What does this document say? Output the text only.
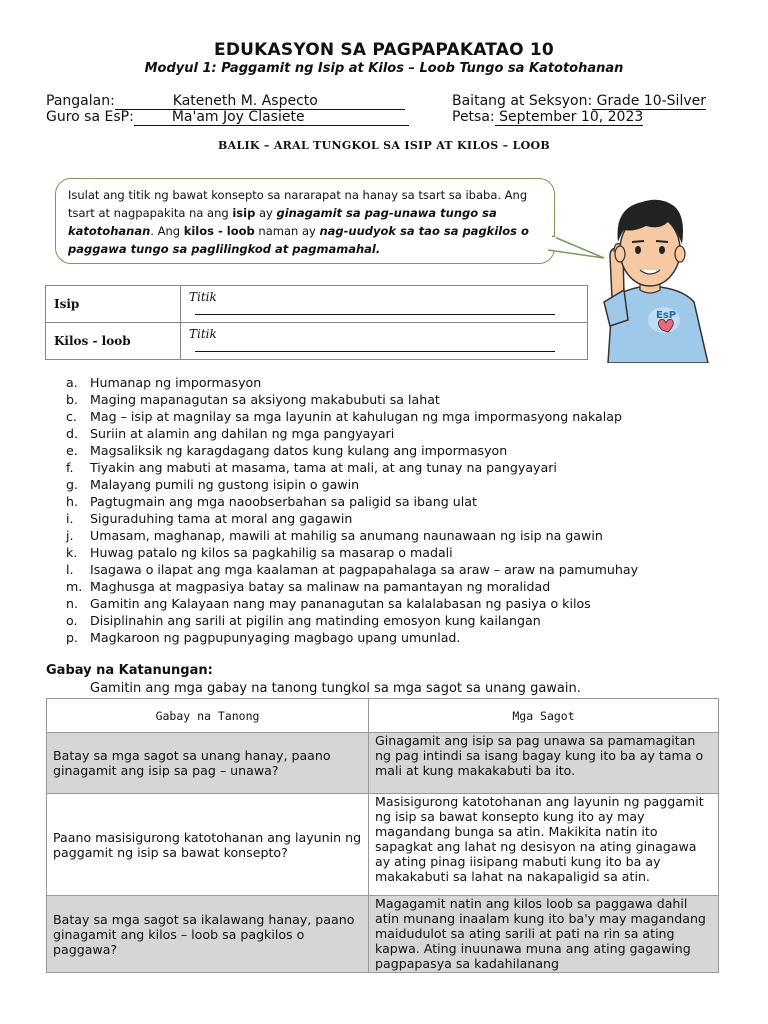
EDUKASYON SA PAGPAPAKATAO 10
Modyul 1: Paggamit ng Isip at Kilos – Loob Tungo sa Katotohanan
Pangalan:	Kateneth M. Aspecto
Guro sa EsP:	Ma'am Joy Clasiete
Baitang at Seksyon: Grade 10-Silver
Petsa: September 10, 2023
BALIK – ARAL TUNGKOL SA ISIP AT KILOS – LOOB
Isulat ang titik ng bawat konsepto sa nararapat na hanay sa tsart sa ibaba. Ang tsart at nagpapakita na ang isip ay ginagamit sa pag-unawa tungo sa katotohanan. Ang kilos - loob naman ay nag-uudyok sa tao sa pagkilos o paggawa tungo sa paglilingkod at pagmamahal.
EsP
Isip	Titik
Kilos - loob	Titik
a. Humanap ng impormasyon
b. Maging mapanagutan sa aksiyong makabubuti sa lahat
c. Mag – isip at magnilay sa mga layunin at kahulugan ng mga impormasyong nakalap
d. Suriin at alamin ang dahilan ng mga pangyayari
e. Magsaliksik ng karagdagang datos kung kulang ang impormasyon
f. Tiyakin ang mabuti at masama, tama at mali, at ang tunay na pangyayari
g. Malayang pumili ng gustong isipin o gawin
h. Pagtugmain ang mga naoobserbahan sa paligid sa ibang ulat
i. Siguraduhing tama at moral ang gagawin
j. Umasam, maghanap, mawili at mahilig sa anumang naunawaan ng isip na gawin
k. Huwag patalo ng kilos sa pagkahilig sa masarap o madali
l. Isagawa o ilapat ang mga kaalaman at pagpapahalaga sa araw – araw na pamumuhay
m. Maghusga at magpasiya batay sa malinaw na pamantayan ng moralidad
n. Gamitin ang Kalayaan nang may pananagutan sa kalalabasan ng pasiya o kilos
o. Disiplinahin ang sarili at pigilin ang matinding emosyon kung kailangan
p. Magkaroon ng pagpupunyaging magbago upang umunlad.
Gabay na Katanungan:
Gamitin ang mga gabay na tanong tungkol sa mga sagot sa unang gawain.
Gabay na Tanong	Mga Sagot
Batay sa mga sagot sa unang hanay, paano ginagamit ang isip sa pag – unawa?	Ginagamit ang isip sa pag unawa sa pamamagitan ng pag intindi sa isang bagay kung ito ba ay tama o mali at kung makakabuti ba ito.
Paano masisigurong katotohanan ang layunin ng paggamit ng isip sa bawat konsepto?	Masisigurong katotohanan ang layunin ng paggamit ng isip sa bawat konsepto kung ito ay may magandang bunga sa atin. Makikita natin ito sapagkat ang lahat ng desisyon na ating ginagawa ay ating pinag iisipang mabuti kung ito ba ay makakabuti sa lahat na nakapaligid sa atin.
Batay sa mga sagot sa ikalawang hanay, paano ginagamit ang kilos – loob sa pagkilos o paggawa?	Magagamit natin ang kilos loob sa paggawa dahil atin munang inaalam kung ito ba'y may magandang maidudulot sa ating sarili at pati na rin sa ating kapwa. Ating inuunawa muna ang ating gagawing pagpapasya sa kadahilanang
